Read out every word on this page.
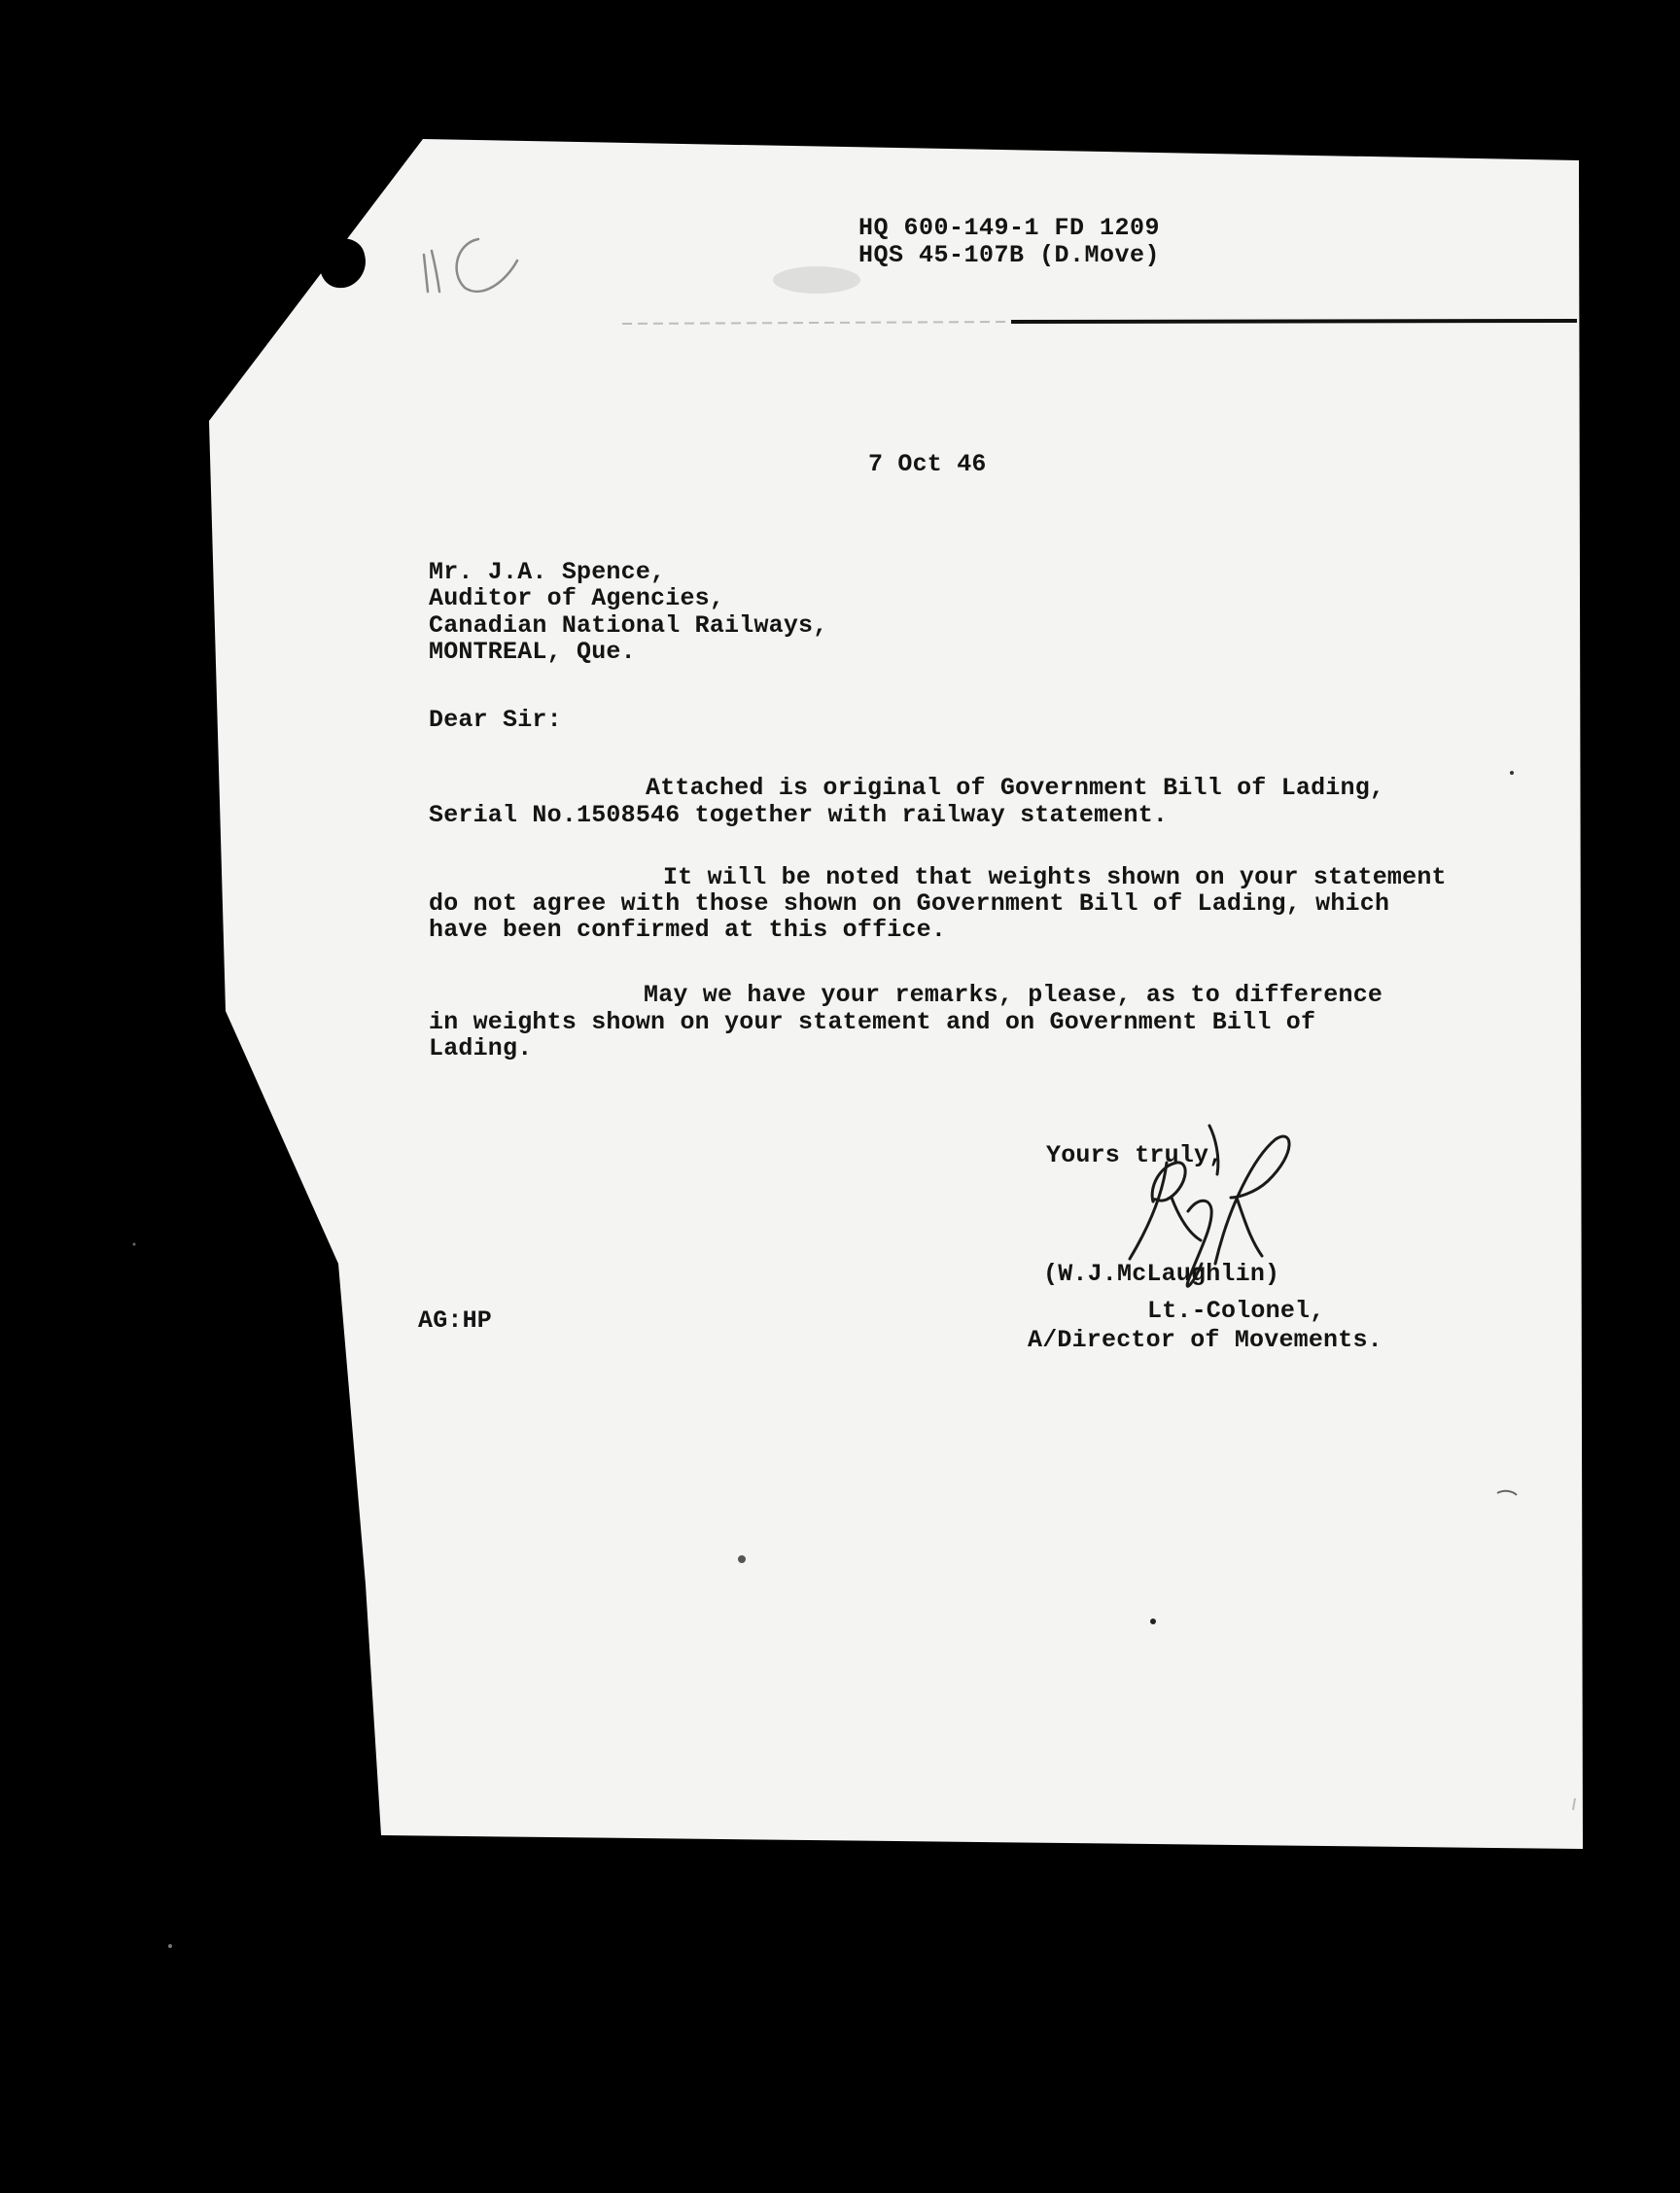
HQ 600-149-1 FD 1209
HQS 45-107B (D.Move)
7 Oct 46
Mr. J.A. Spence,
Auditor of Agencies,
Canadian National Railways,
MONTREAL, Que.
Dear Sir:
Attached is original of Government Bill of Lading,
Serial No.1508546 together with railway statement.
It will be noted that weights shown on your statement
do not agree with those shown on Government Bill of Lading, which
have been confirmed at this office.
May we have your remarks, please, as to difference
in weights shown on your statement and on Government Bill of
Lading.
Yours truly,
(W.J.McLaughlin)
Lt.-Colonel,
A/Director of Movements.
AG:HP
